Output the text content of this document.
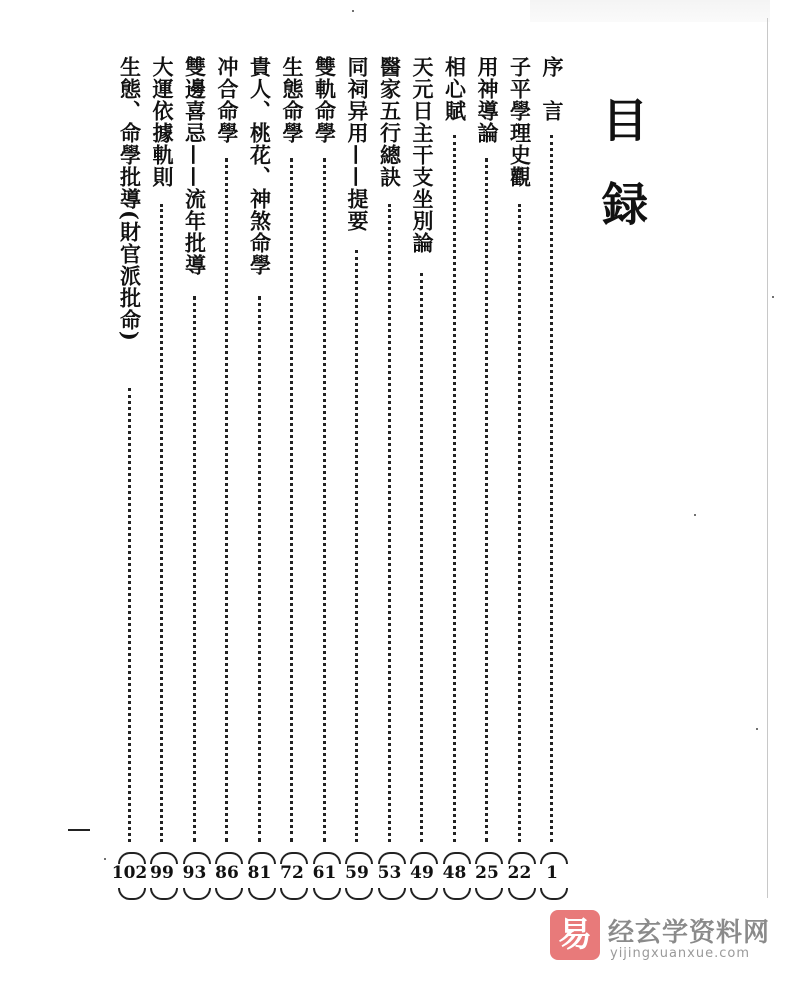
目録
序　言
1
子平學理史觀
22
用神導論
25
相心賦
48
天元日主干支坐別論
49
醫家五行總訣
53
同祠异用——提要
59
雙軌命學
61
生態命學
72
貴人、桃花、神煞命學
81
冲合命學
86
雙邊喜忌——流年批導
93
大運依據軌則
99
生態、命學批導(財官派批命)
102
易 经玄学资料网
yijingxuanxue.com
